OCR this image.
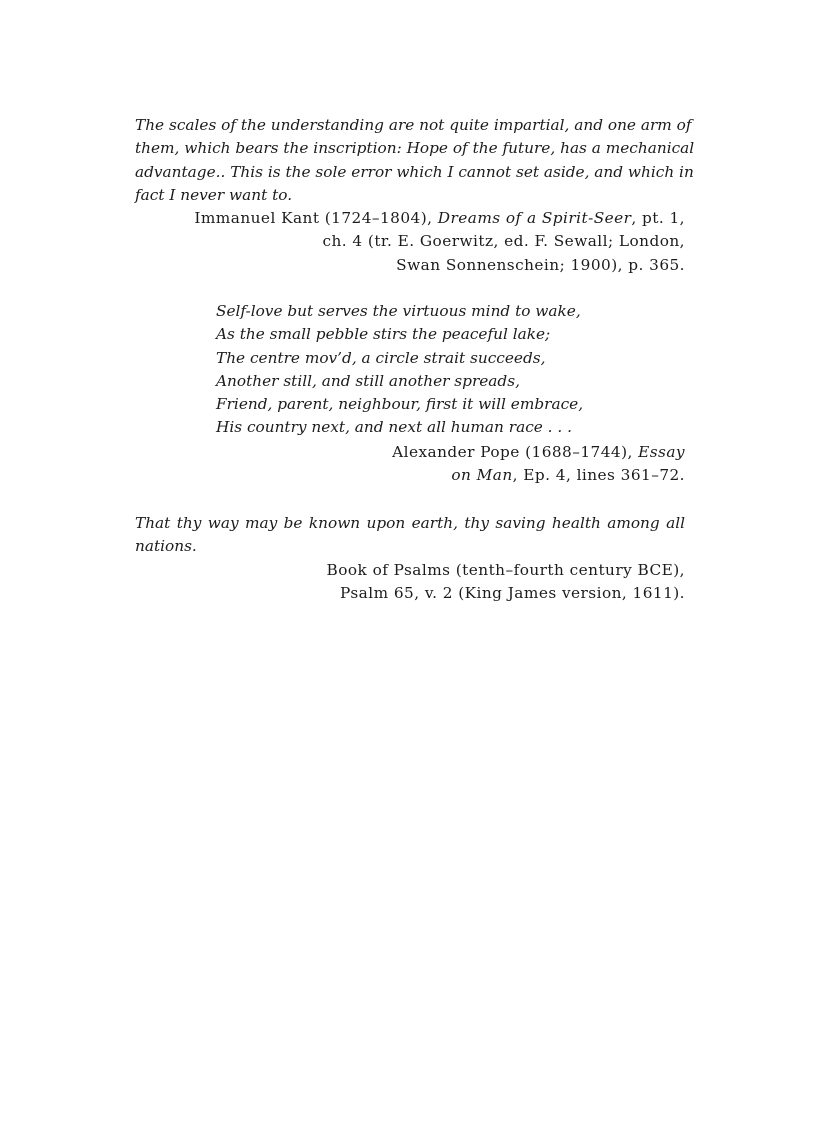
The scales of the understanding are not quite impartial, and one arm of
them, which bears the inscription: Hope of the future, has a mechanical
advantage.. This is the sole error which I cannot set aside, and which in
fact I never want to.

Immanuel Kant (1724–1804), Dreams of a Spirit-Seer, pt. 1,
ch. 4 (tr. E. Goerwitz, ed. F. Sewall; London,
Swan Sonnenschein; 1900), p. 365.

Self-love but serves the virtuous mind to wake,
As the small pebble stirs the peaceful lake;
The centre mov’d, a circle strait succeeds,
Another still, and still another spreads,
Friend, parent, neighbour, first it will embrace,
His country next, and next all human race . . .

Alexander Pope (1688–1744), Essay
on Man, Ep. 4, lines 361–72.

That thy way may be known upon earth, thy saving health among all
nations.

Book of Psalms (tenth–fourth century BCE),
Psalm 65, v. 2 (King James version, 1611).
